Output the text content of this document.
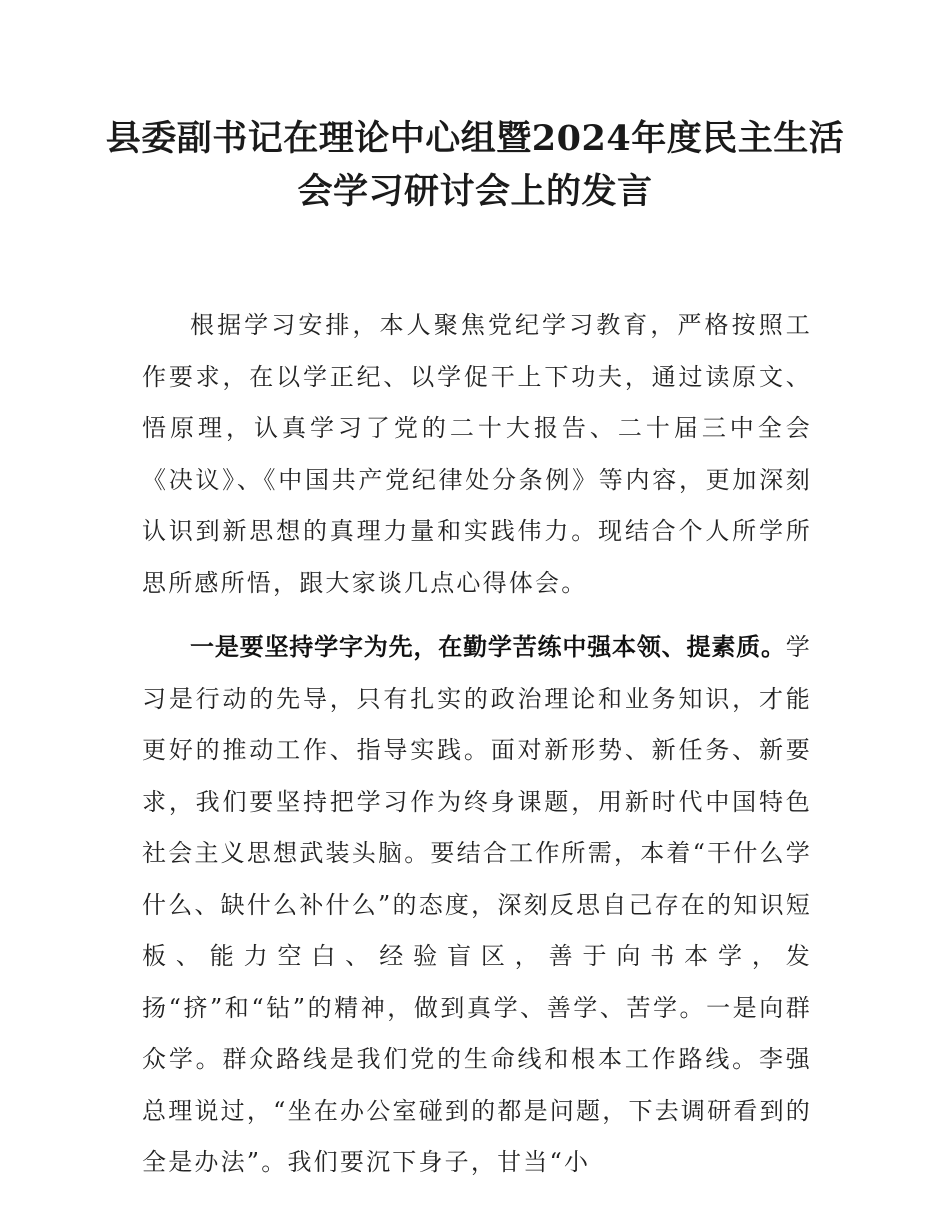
县委副书记在理论中心组暨2024年度民主生活会学习研讨会上的发言

根据学习安排，本人聚焦党纪学习教育，严格按照工作要求，在以学正纪、以学促干上下功夫，通过读原文、悟原理，认真学习了党的二十大报告、二十届三中全会《决议》、《中国共产党纪律处分条例》等内容，更加深刻认识到新思想的真理力量和实践伟力。现结合个人所学所思所感所悟，跟大家谈几点心得体会。

一是要坚持学字为先，在勤学苦练中强本领、提素质。学习是行动的先导，只有扎实的政治理论和业务知识，才能更好的推动工作、指导实践。面对新形势、新任务、新要求，我们要坚持把学习作为终身课题，用新时代中国特色社会主义思想武装头脑。要结合工作所需，本着“干什么学什么、缺什么补什么”的态度，深刻反思自己存在的知识短板、能力空白、经验盲区，善于向书本学，发扬“挤”和“钻”的精神，做到真学、善学、苦学。一是向群众学。群众路线是我们党的生命线和根本工作路线。李强总理说过，“坐在办公室碰到的都是问题，下去调研看到的全是办法”。我们要沉下身子，甘当“小
